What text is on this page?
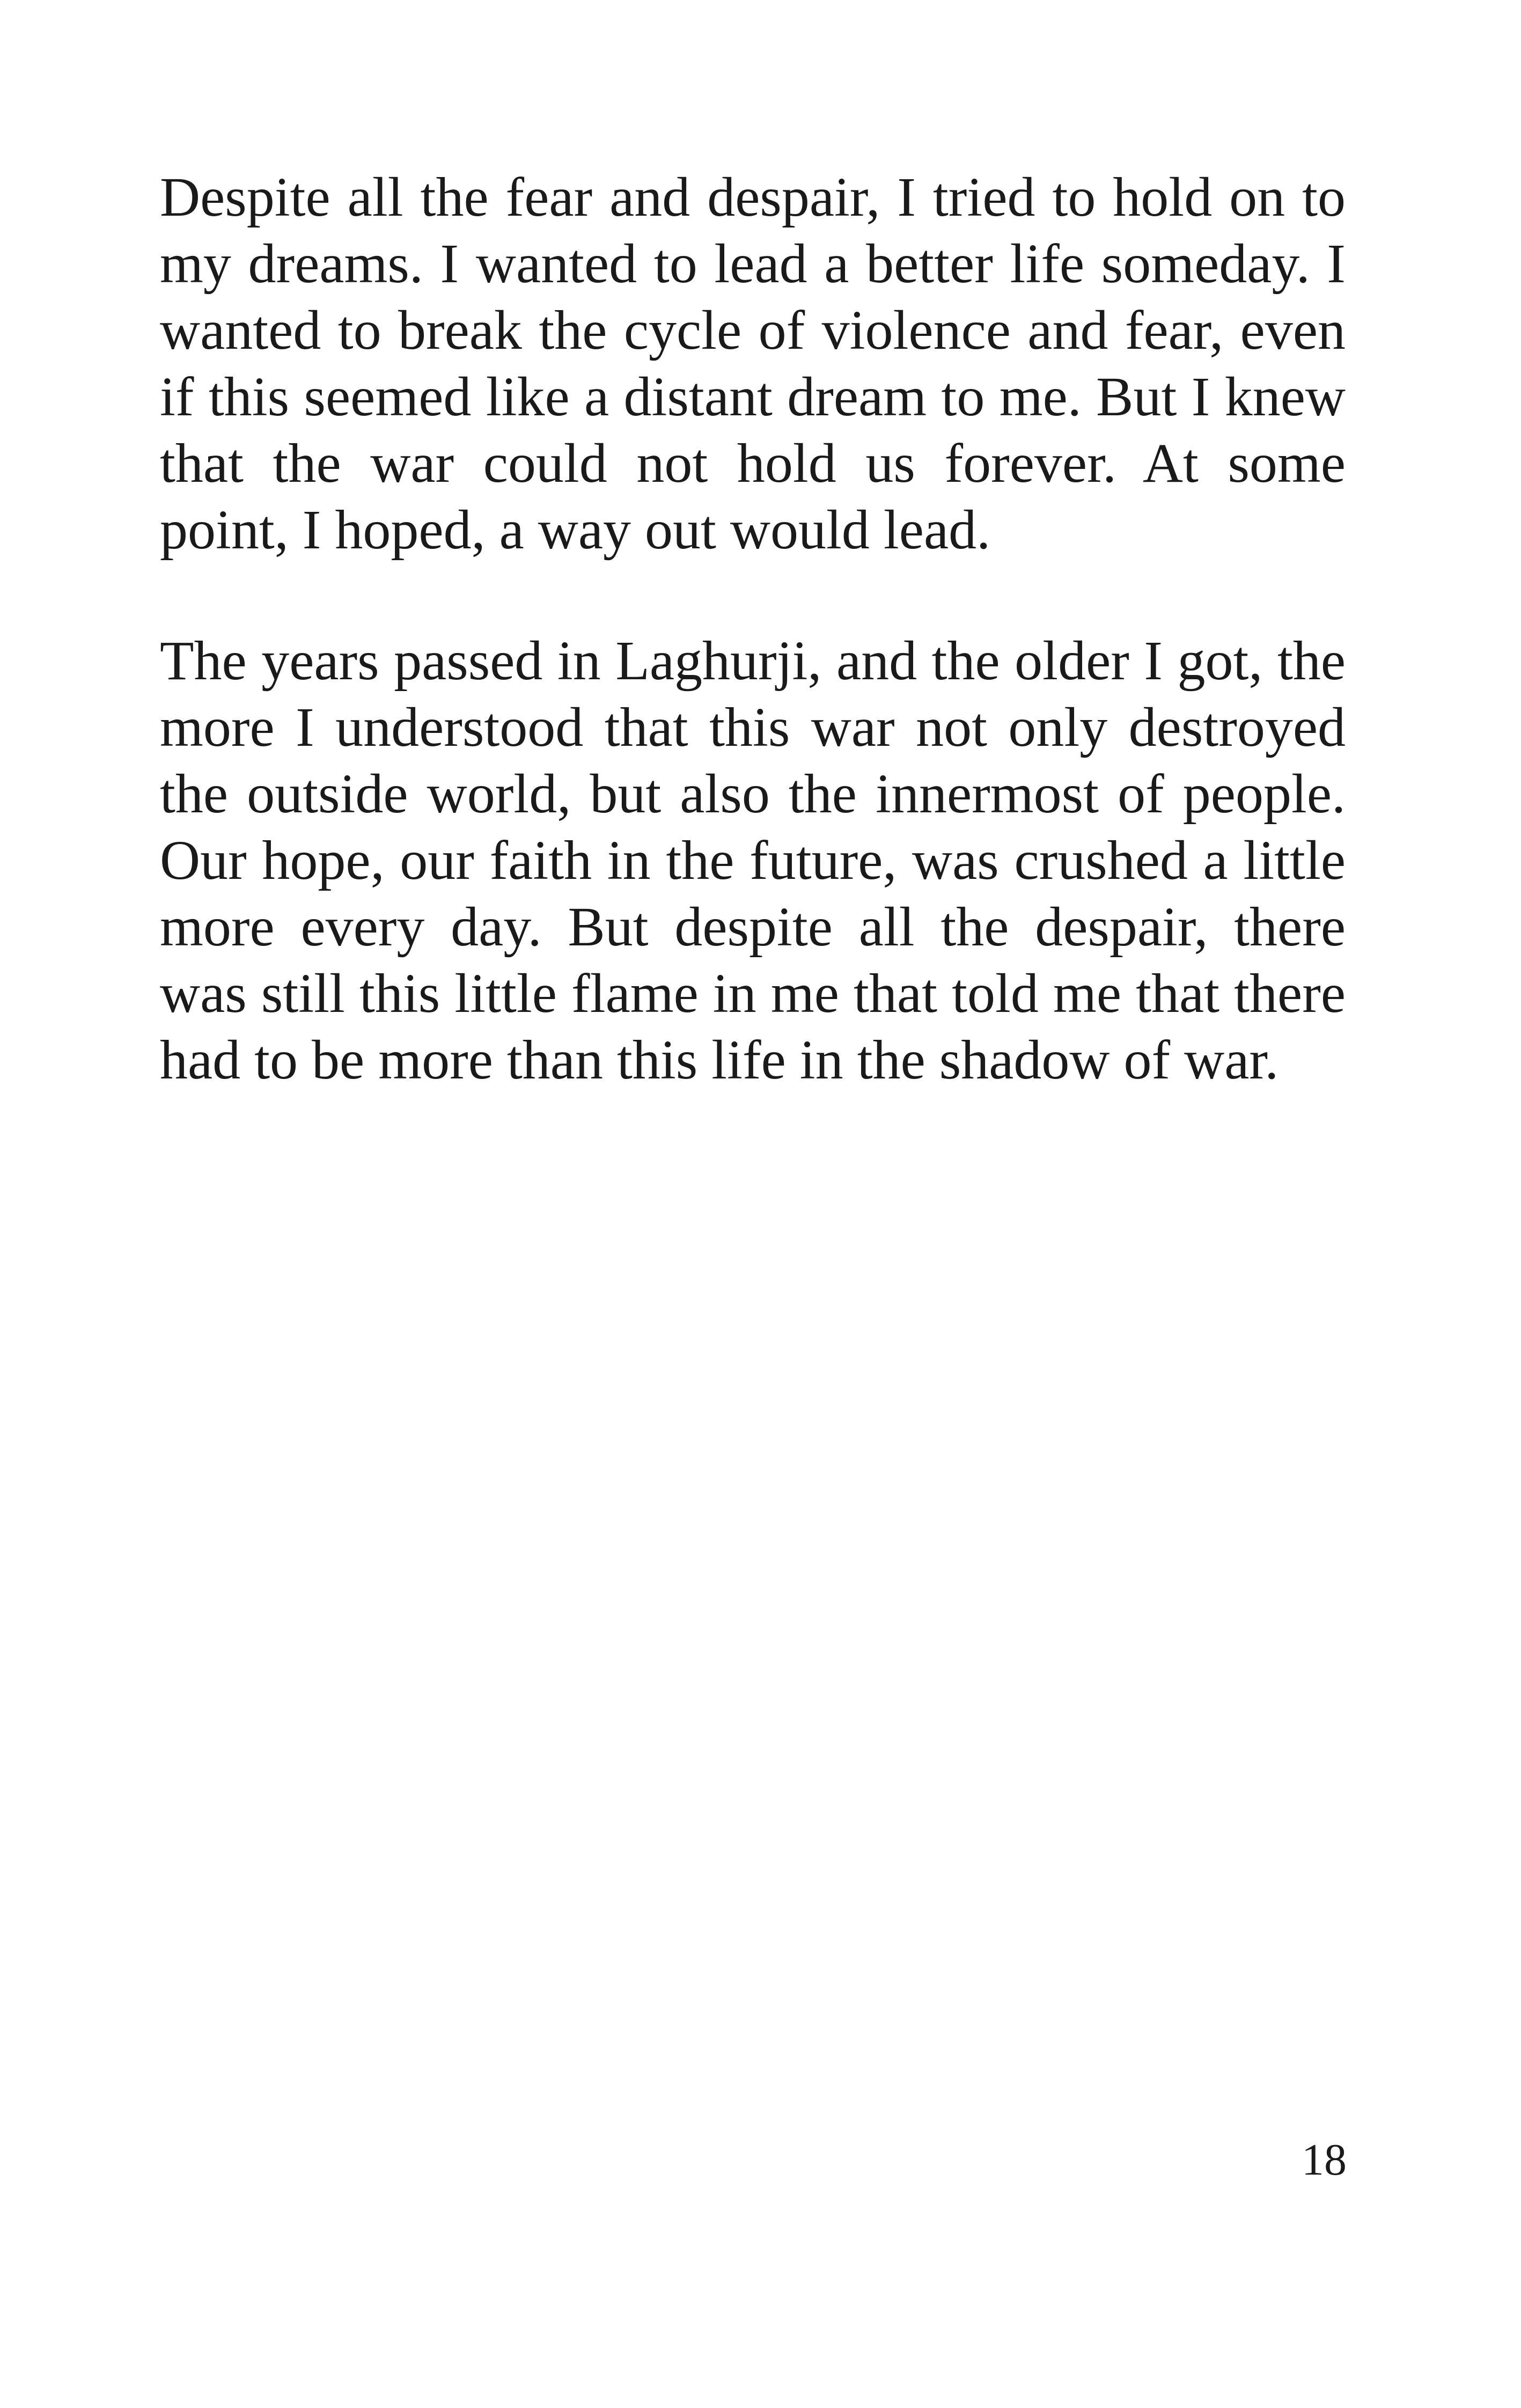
Despite all the fear and despair, I tried to hold on to my dreams. I wanted to lead a better life someday. I wanted to break the cycle of violence and fear, even if this seemed like a distant dream to me. But I knew that the war could not hold us forever. At some point, I hoped, a way out would lead.

The years passed in Laghurji, and the older I got, the more I understood that this war not only destroyed the outside world, but also the innermost of people. Our hope, our faith in the future, was crushed a little more every day. But despite all the despair, there was still this little flame in me that told me that there had to be more than this life in the shadow of war.

18
